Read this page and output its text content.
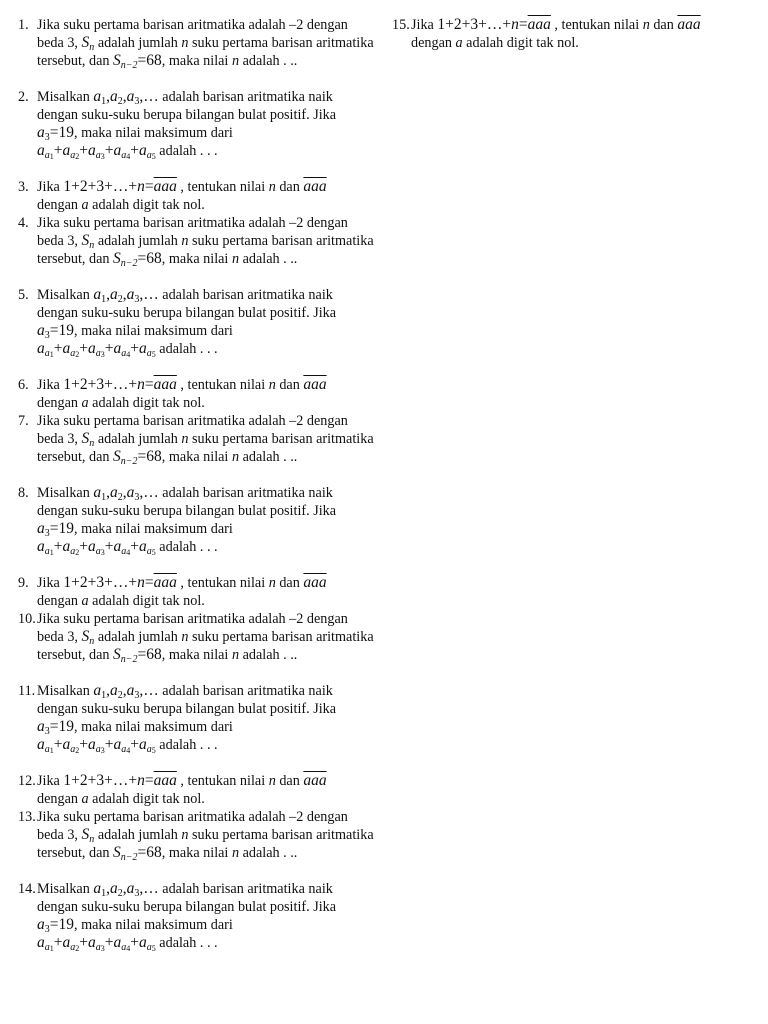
1. Jika suku pertama barisan aritmatika adalah –2 dengan
beda 3, $S_n$ adalah jumlah n suku pertama barisan aritmatika
tersebut, dan $S_{n-2}=68$, maka nilai n adalah . ..
2. Misalkan $a_1,a_2,a_3,\dots$ adalah barisan aritmatika naik
dengan suku-suku berupa bilangan bulat positif. Jika
$a_3=19$, maka nilai maksimum dari
$a_{a_1}+a_{a_2}+a_{a_3}+a_{a_4}+a_{a_5}$ adalah . . .
3. Jika $1+2+3+\dots+n=\overline{aaa}$ , tentukan nilai n dan $\overline{aaa}$
dengan a adalah digit tak nol.
4. Jika suku pertama barisan aritmatika adalah –2 dengan
beda 3, $S_n$ adalah jumlah n suku pertama barisan aritmatika
tersebut, dan $S_{n-2}=68$, maka nilai n adalah . ..
5. Misalkan $a_1,a_2,a_3,\dots$ adalah barisan aritmatika naik
dengan suku-suku berupa bilangan bulat positif. Jika
$a_3=19$, maka nilai maksimum dari
$a_{a_1}+a_{a_2}+a_{a_3}+a_{a_4}+a_{a_5}$ adalah . . .
6. Jika $1+2+3+\dots+n=\overline{aaa}$ , tentukan nilai n dan $\overline{aaa}$
dengan a adalah digit tak nol.
7. Jika suku pertama barisan aritmatika adalah –2 dengan
beda 3, $S_n$ adalah jumlah n suku pertama barisan aritmatika
tersebut, dan $S_{n-2}=68$, maka nilai n adalah . ..
8. Misalkan $a_1,a_2,a_3,\dots$ adalah barisan aritmatika naik
dengan suku-suku berupa bilangan bulat positif. Jika
$a_3=19$, maka nilai maksimum dari
$a_{a_1}+a_{a_2}+a_{a_3}+a_{a_4}+a_{a_5}$ adalah . . .
9. Jika $1+2+3+\dots+n=\overline{aaa}$ , tentukan nilai n dan $\overline{aaa}$
dengan a adalah digit tak nol.
10. Jika suku pertama barisan aritmatika adalah –2 dengan
beda 3, $S_n$ adalah jumlah n suku pertama barisan aritmatika
tersebut, dan $S_{n-2}=68$, maka nilai n adalah . ..
11. Misalkan $a_1,a_2,a_3,\dots$ adalah barisan aritmatika naik
dengan suku-suku berupa bilangan bulat positif. Jika
$a_3=19$, maka nilai maksimum dari
$a_{a_1}+a_{a_2}+a_{a_3}+a_{a_4}+a_{a_5}$ adalah . . .
12. Jika $1+2+3+\dots+n=\overline{aaa}$ , tentukan nilai n dan $\overline{aaa}$
dengan a adalah digit tak nol.
13. Jika suku pertama barisan aritmatika adalah –2 dengan
beda 3, $S_n$ adalah jumlah n suku pertama barisan aritmatika
tersebut, dan $S_{n-2}=68$, maka nilai n adalah . ..
14. Misalkan $a_1,a_2,a_3,\dots$ adalah barisan aritmatika naik
dengan suku-suku berupa bilangan bulat positif. Jika
$a_3=19$, maka nilai maksimum dari
$a_{a_1}+a_{a_2}+a_{a_3}+a_{a_4}+a_{a_5}$ adalah . . .
15. Jika $1+2+3+\dots+n=\overline{aaa}$ , tentukan nilai n dan $\overline{aaa}$
dengan a adalah digit tak nol.
